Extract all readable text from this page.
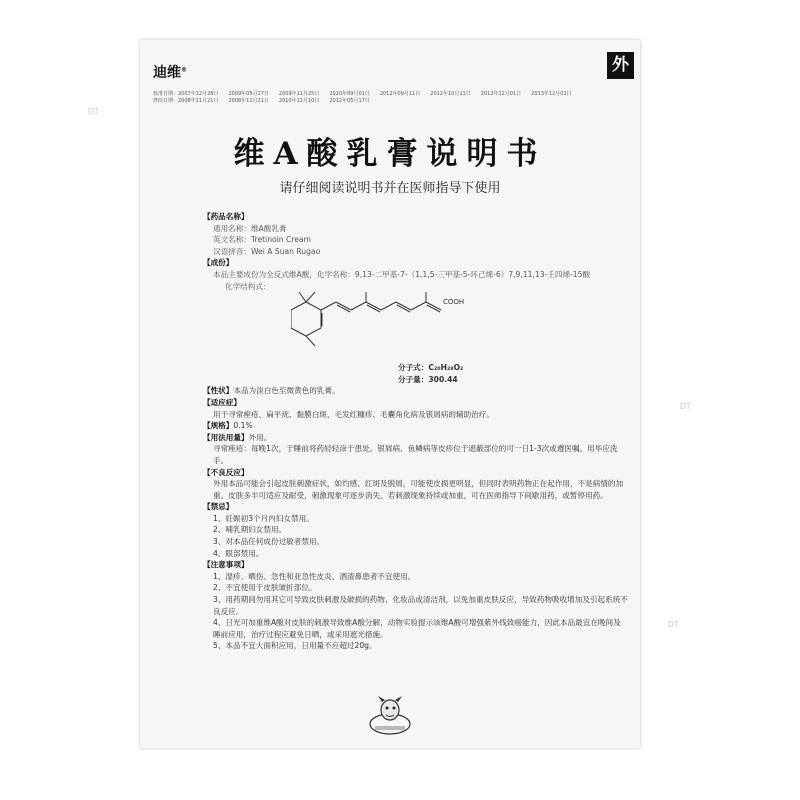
DT
DT
DT
迪维®	外
核准日期：2007年12月28日 2009年05月17日 2009年11月25日 2010年09月01日 2012年09月11日 2012年10月11日 2012年12月01日 2013年12月01日
修改日期：2008年11月21日 2008年11月21日 2010年11月10日 2012年05月17日
维A酸乳膏说明书
请仔细阅读说明书并在医师指导下使用
【药品名称】
通用名称：维A酸乳膏
英文名称：Tretinoin Cream
汉语拼音：Wei A Suan Rugao
【成份】
本品主要成份为全反式维A酸，化学名称：9,13-二甲基-7-（1,1,5-三甲基-5-环己烯-6）7,9,11,13-壬四烯-15酸
化学结构式：
COOH
分子式：C₂₀H₂₈O₂
分子量：300.44
【性状】本品为淡白色至微黄色的乳膏。
【适应症】
用于寻常痤疮、扁平疣、黏膜白斑、毛发红糠疹、毛囊角化病及银屑病的辅助治疗。
【规格】0.1%
【用法用量】外用。
寻常痤疮：每晚1次，于睡前将药轻轻涂于患处。银屑病、鱼鳞病等皮疹位于遮蔽部位的可一日1-3次或遵医嘱。用毕应洗手。
【不良反应】
外用本品可能会引起皮肤刺激症状，如灼感、红斑及脱屑，可能使皮损更明显，但同时表明药物正在起作用，不是病情的加重。皮肤多半可适应及耐受，刺激现象可逐步消失。若刺激现象持续或加重，可在医师指导下间歇用药，或暂停用药。
【禁忌】
1、妊娠初3个月内妇女禁用。
2、哺乳期妇女禁用。
3、对本品任何成份过敏者禁用。
4、眼部禁用。
【注意事项】
1、湿疹、晒伤、急性和亚急性皮炎、酒渣鼻患者不宜使用。
2、不宜使用于皮肤皱折部位。
3、用药期间勿用其它可导致皮肤刺激及破损的药物、化妆品或清洁剂，以免加重皮肤反应，导致药物吸收增加及引起系统不良反应。
4、日光可加重维A酸对皮肤的刺激导致维A酸分解，动物实验提示该维A酸可增强紫外线致癌能力，因此本品最宜在晚间及睡前应用，治疗过程应避免日晒，或采用遮光措施。
5、本品不宜大面积应用，日用量不应超过20g。
